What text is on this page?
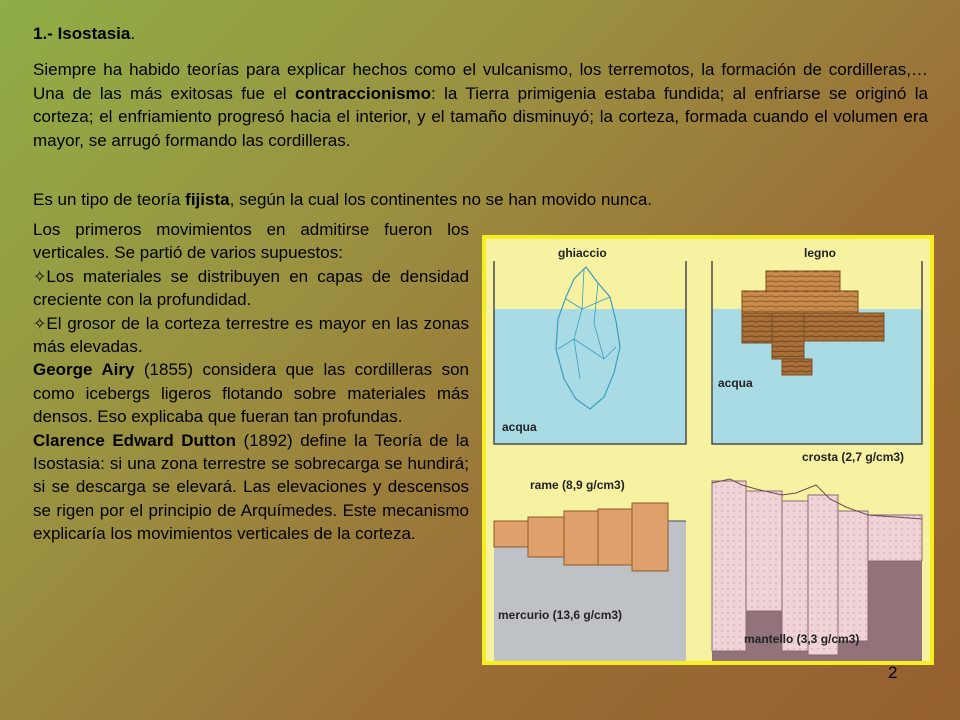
1.- Isostasia.
Siempre ha habido teorías para explicar hechos como el vulcanismo, los terremotos, la formación de cordilleras,… Una de las más exitosas fue el contraccionismo: la Tierra primigenia estaba fundida; al enfriarse se originó la corteza; el enfriamiento progresó hacia el interior, y el tamaño disminuyó; la corteza, formada cuando el volumen era mayor, se arrugó formando las cordilleras.
Es un tipo de teoría fijista, según la cual los continentes no se han movido nunca.

Los primeros movimientos en admitirse fueron los verticales. Se partió de varios supuestos:

✧Los materiales se distribuyen en capas de densidad creciente con la profundidad.

✧El grosor de la corteza terrestre es mayor en las zonas más elevadas.

George Airy (1855) considera que las cordilleras son como icebergs ligeros flotando sobre materiales más densos. Eso explicaba que fueran tan profundas.

Clarence Edward Dutton (1892) define la Teoría de la Isostasia: si una zona terrestre se sobrecarga se hundirá; si se descarga se elevará. Las elevaciones y descensos se rigen por el principio de Arquímedes. Este mecanismo explicaría los movimientos verticales de la corteza.

ghiaccio
acqua
legno
acqua
rame (8,9 g/cm3)
mercurio (13,6 g/cm3)
crosta (2,7 g/cm3)
mantello (3,3 g/cm3)
2
